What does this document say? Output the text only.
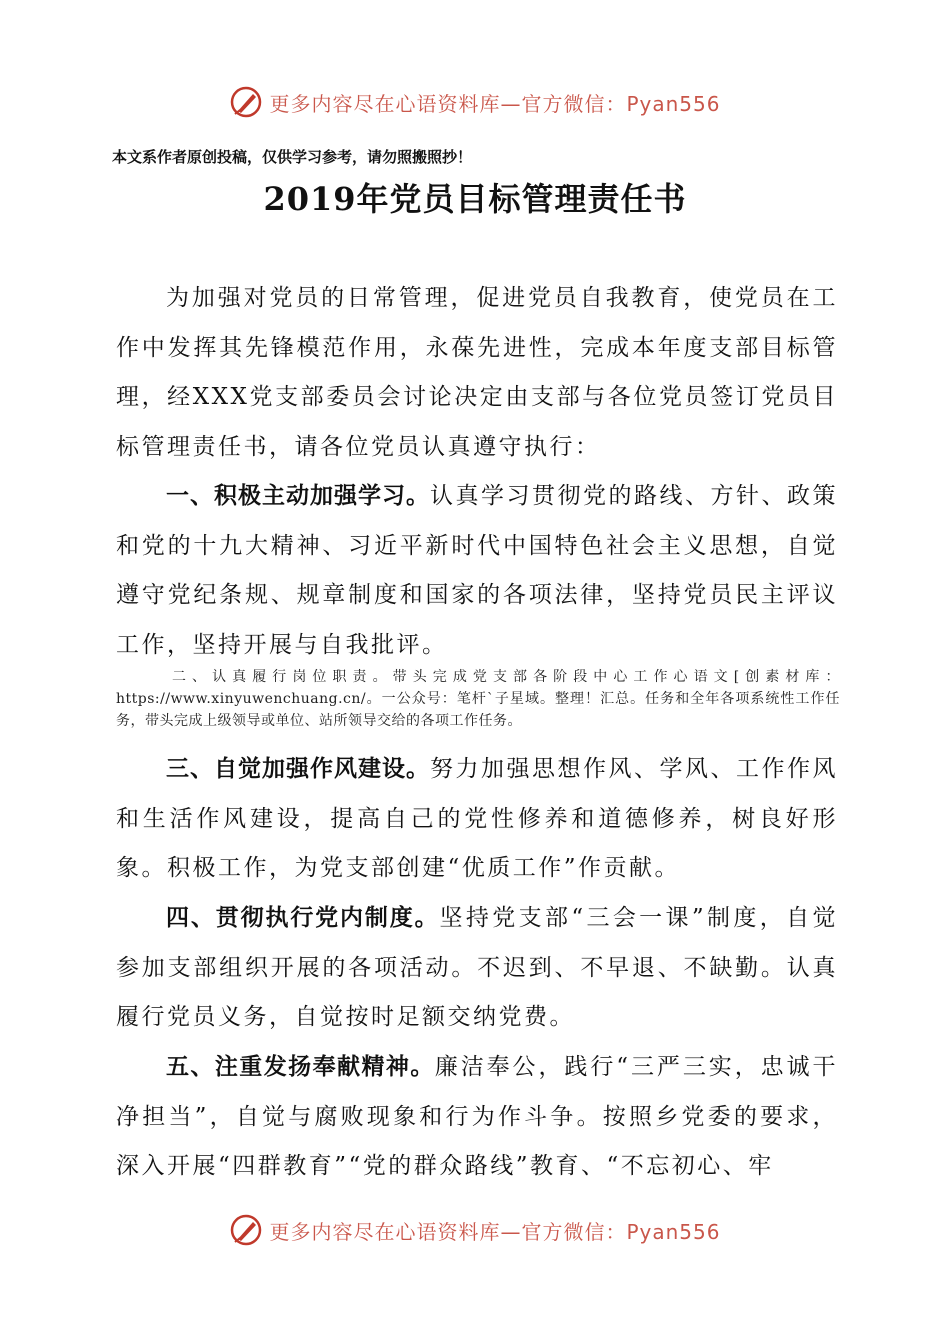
更多内容尽在心语资料库—官方微信：Pyan556
本文系作者原创投稿，仅供学习参考，请勿照搬照抄！
2019年党员目标管理责任书

为加强对党员的日常管理，促进党员自我教育，使党员在工作中发挥其先锋模范作用，永葆先进性，完成本年度支部目标管理，经XXX党支部委员会讨论决定由支部与各位党员签订党员目标管理责任书，请各位党员认真遵守执行：

一、积极主动加强学习。认真学习贯彻党的路线、方针、政策和党的十九大精神、习近平新时代中国特色社会主义思想，自觉遵守党纪条规、规章制度和国家的各项法律，坚持党员民主评议工作，坚持开展与自我批评。

二、认真履行岗位职责。带头完成党支部各阶段中心工作心语文[创素材库：https://www.xinyuwenchuang.cn/。一公众号：笔杆`子星域。整理！汇总。任务和全年各项系统性工作任务，带头完成上级领导或单位、站所领导交给的各项工作任务。

三、自觉加强作风建设。努力加强思想作风、学风、工作作风和生活作风建设，提高自己的党性修养和道德修养，树良好形象。积极工作，为党支部创建“优质工作”作贡献。

四、贯彻执行党内制度。坚持党支部“三会一课”制度，自觉参加支部组织开展的各项活动。不迟到、不早退、不缺勤。认真履行党员义务，自觉按时足额交纳党费。

五、注重发扬奉献精神。廉洁奉公，践行“三严三实，忠诚干净担当”，自觉与腐败现象和行为作斗争。按照乡党委的要求，深入开展“四群教育”“党的群众路线”教育、“不忘初心、牢

更多内容尽在心语资料库—官方微信：Pyan556
